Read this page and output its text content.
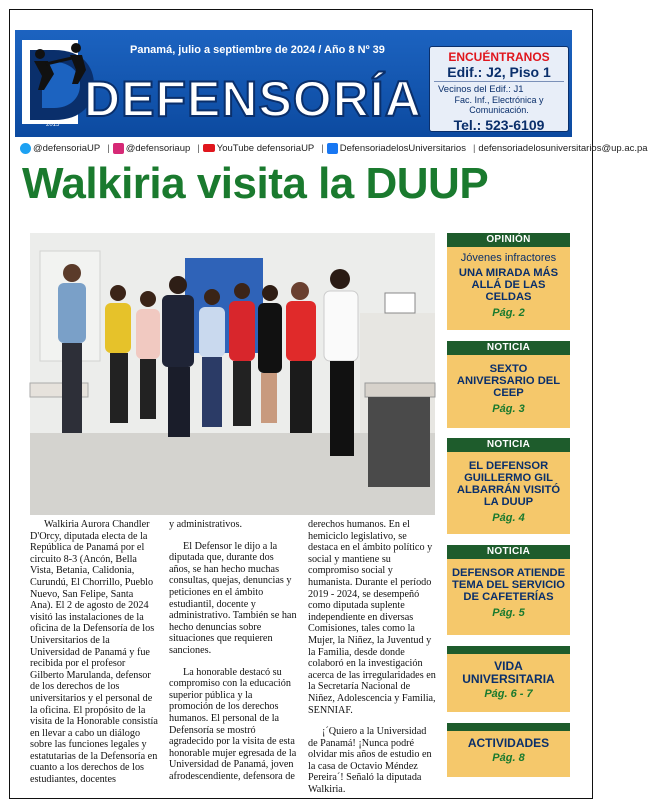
Panamá, julio a septiembre de 2024 / Año 8 Nº 39
2015 DEFENSORÍA
ENCUÉNTRANOS
Edif.: J2, Piso 1
Vecinos del Edif.: J1
Fac. Inf., Electrónica y Comunicación.
Tel.: 523-6109
@defensoriaUP | @defensoriaup | YouTube defensoriaUP | DefensoriadelosUniversitarios | defensoriadelosuniversitarios@up.ac.pa
Walkiria visita la DUUP

Walkiria Aurora Chandler D'Orcy, diputada electa de la República de Panamá por el circuito 8-3 (Ancón, Bella Vista, Betania, Calidonia, Curundú, El Chorrillo, Pueblo Nuevo, San Felipe, Santa Ana). El 2 de agosto de 2024 visitó las instalaciones de la oficina de la Defensoría de los Universitarios de la Universidad de Panamá y fue recibida por el profesor Gilberto Marulanda, defensor de los derechos de los universitarios y el personal de la oficina. El propósito de la visita de la Honorable consistía en llevar a cabo un diálogo sobre las funciones legales y estatutarias de la Defensoría en cuanto a los derechos de los estudiantes, docentes

y administrativos.

El Defensor le dijo a la diputada que, durante dos años, se han hecho muchas consultas, quejas, denuncias y peticiones en el ámbito estudiantil, docente y administrativo. También se han hecho denuncias sobre situaciones que requieren sanciones.

La honorable destacó su compromiso con la educación superior pública y la promoción de los derechos humanos. El personal de la Defensoría se mostró agradecido por la visita de esta honorable mujer egresada de la Universidad de Panamá, joven afrodescendiente, defensora de

derechos humanos. En el hemiciclo legislativo, se destaca en el ámbito político y social y mantiene su compromiso social y humanista. Durante el período 2019 - 2024, se desempeñó como diputada suplente independiente en diversas Comisiones, tales como la Mujer, la Niñez, la Juventud y la Familia, desde donde colaboró en la investigación acerca de las irregularidades en la Secretaría Nacional de Niñez, Adolescencia y Familia, SENNIAF.

¡´Quiero a la Universidad de Panamá! ¡Nunca podré olvidar mis años de estudio en la casa de Octavio Méndez Pereira´! Señaló la diputada Walkiria.

OPINIÓN
Jóvenes infractores
UNA MIRADA MÁS ALLÁ DE LAS CELDAS
Pág. 2
NOTICIA
SEXTO ANIVERSARIO DEL CEEP
Pág. 3
NOTICIA
EL DEFENSOR GUILLERMO GIL ALBARRÁN VISITÓ LA DUUP
Pág. 4
NOTICIA
DEFENSOR ATIENDE TEMA DEL SERVICIO DE CAFETERÍAS
Pág. 5
VIDA UNIVERSITARIA
Pág. 6 - 7
ACTIVIDADES
Pág. 8
